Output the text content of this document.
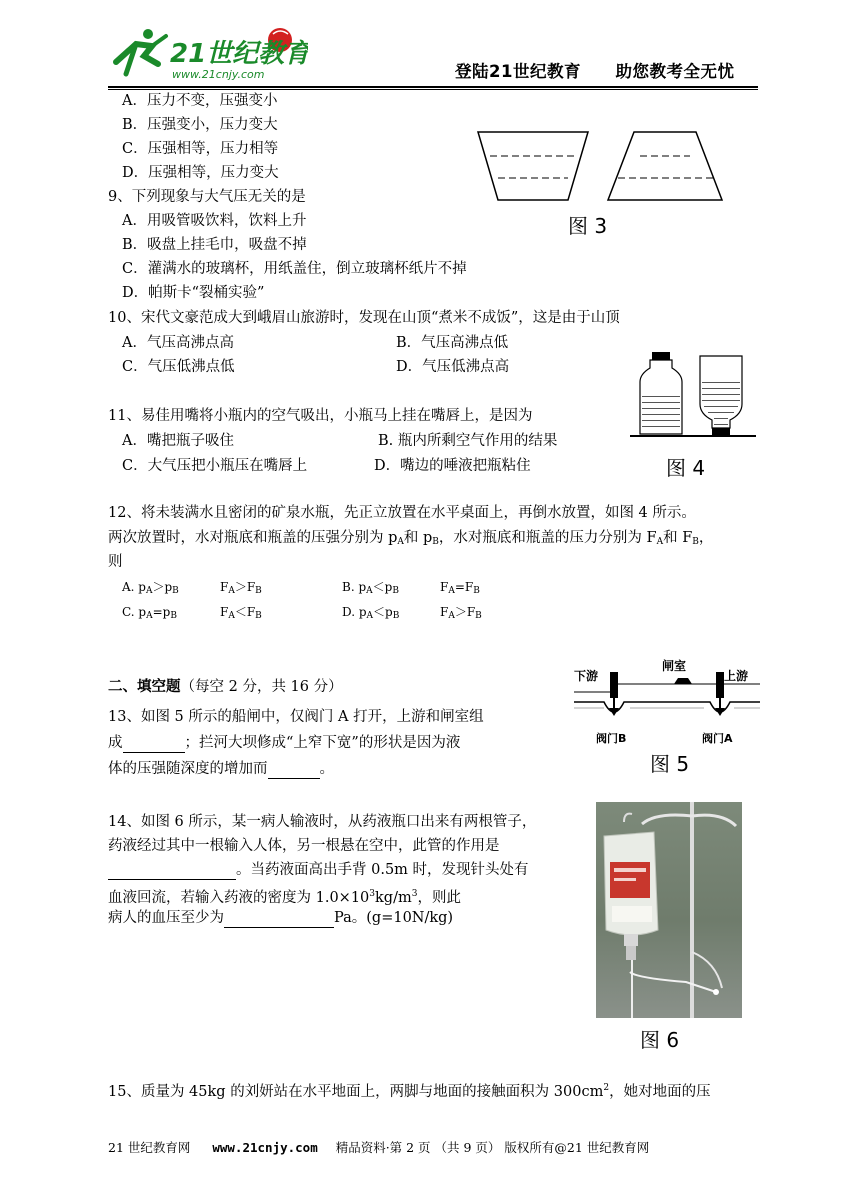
21世纪教育
www.21cnjy.com	登陆21世纪教育 助您教考全无忧
A．压力不变，压强变小
B．压强变小，压力变大
C．压强相等，压力相等
D．压强相等，压力变大
图 3
9、下列现象与大气压无关的是
A．用吸管吸饮料，饮料上升
B．吸盘上挂毛巾，吸盘不掉
C．灌满水的玻璃杯，用纸盖住，倒立玻璃杯纸片不掉
D．帕斯卡“裂桶实验”
10、宋代文豪范成大到峨眉山旅游时，发现在山顶“煮米不成饭”，这是由于山顶
A．气压高沸点高	B．气压高沸点低
C．气压低沸点低	D．气压低沸点高
图 4
11、易佳用嘴将小瓶内的空气吸出，小瓶马上挂在嘴唇上，是因为
A．嘴把瓶子吸住	B. 瓶内所剩空气作用的结果
C．大气压把小瓶压在嘴唇上	D．嘴边的唾液把瓶粘住
12、将未装满水且密闭的矿泉水瓶，先正立放置在水平桌面上，再倒水放置，如图 4 所示。
两次放置时，水对瓶底和瓶盖的压强分别为 $p_A$和 $p_B$，水对瓶底和瓶盖的压力分别为 $F_A$和 $F_B$，
则
A. $p_A>p_B$	$F_A>F_B$	B. $p_A<p_B$	$F_A=F_B$
C. $p_A=p_B$	$F_A<F_B$	D. $p_A<p_B$	$F_A>F_B$
二、填空题（每空 2 分，共 16 分）
下游
闸室
上游
阀门B	阀门A
图 5
13、如图 5 所示的船闸中，仅阀门 A 打开，上游和闸室组
成	；拦河大坝修成“上窄下宽”的形状是因为液
体的压强随深度的增加而	。
14、如图 6 所示，某一病人输液时，从药液瓶口出来有两根管子，
药液经过其中一根输入人体，另一根悬在空中，此管的作用是
。当药液面高出手背 0.5m 时，发现针头处有
血液回流，若输入药液的密度为 $1.0\times 10^3kg/m^3$，则此
病人的血压至少为	Pa。(g=10N/kg)
图 6
15、质量为 45kg 的刘妍站在水平地面上，两脚与地面的接触面积为 $300cm^2$，她对地面的压
21 世纪教育网 www.21cnjy.com 精品资料·第 2 页 （共 9 页） 版权所有@21 世纪教育网
